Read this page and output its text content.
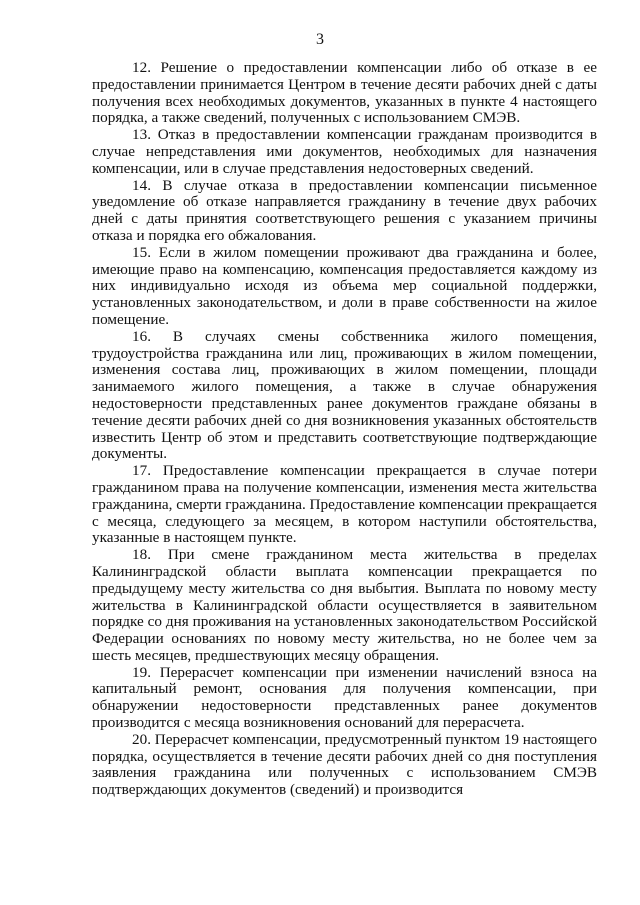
3

12. Решение о предоставлении компенсации либо об отказе в ее предоставлении принимается Центром в течение десяти рабочих дней с даты получения всех необходимых документов, указанных в пункте 4 настоящего порядка, а также сведений, полученных с использованием СМЭВ.

13. Отказ в предоставлении компенсации гражданам производится в случае непредставления ими документов, необходимых для назначения компенсации, или в случае представления недостоверных сведений.

14. В случае отказа в предоставлении компенсации письменное уведомление об отказе направляется гражданину в течение двух рабочих дней с даты принятия соответствующего решения с указанием причины отказа и порядка его обжалования.

15. Если в жилом помещении проживают два гражданина и более, имеющие право на компенсацию, компенсация предоставляется каждому из них индивидуально исходя из объема мер социальной поддержки, установленных законодательством, и доли в праве собственности на жилое помещение.

16. В случаях смены собственника жилого помещения, трудоустройства гражданина или лиц, проживающих в жилом помещении, изменения состава лиц, проживающих в жилом помещении, площади занимаемого жилого помещения, а также в случае обнаружения недостоверности представленных ранее документов граждане обязаны в течение десяти рабочих дней со дня возникновения указанных обстоятельств известить Центр об этом и представить соответствующие подтверждающие документы.

17. Предоставление компенсации прекращается в случае потери гражданином права на получение компенсации, изменения места жительства гражданина, смерти гражданина. Предоставление компенсации прекращается с месяца, следующего за месяцем, в котором наступили обстоятельства, указанные в настоящем пункте.

18. При смене гражданином места жительства в пределах Калининградской области выплата компенсации прекращается по предыдущему месту жительства со дня выбытия. Выплата по новому месту жительства в Калининградской области осуществляется в заявительном порядке со дня проживания на установленных законодательством Российской Федерации основаниях по новому месту жительства, но не более чем за шесть месяцев, предшествующих месяцу обращения.

19. Перерасчет компенсации при изменении начислений взноса на капитальный ремонт, основания для получения компенсации, при обнаружении недостоверности представленных ранее документов производится с месяца возникновения оснований для перерасчета.

20. Перерасчет компенсации, предусмотренный пунктом 19 настоящего порядка, осуществляется в течение десяти рабочих дней со дня поступления заявления гражданина или полученных с использованием СМЭВ подтверждающих документов (сведений) и производится
